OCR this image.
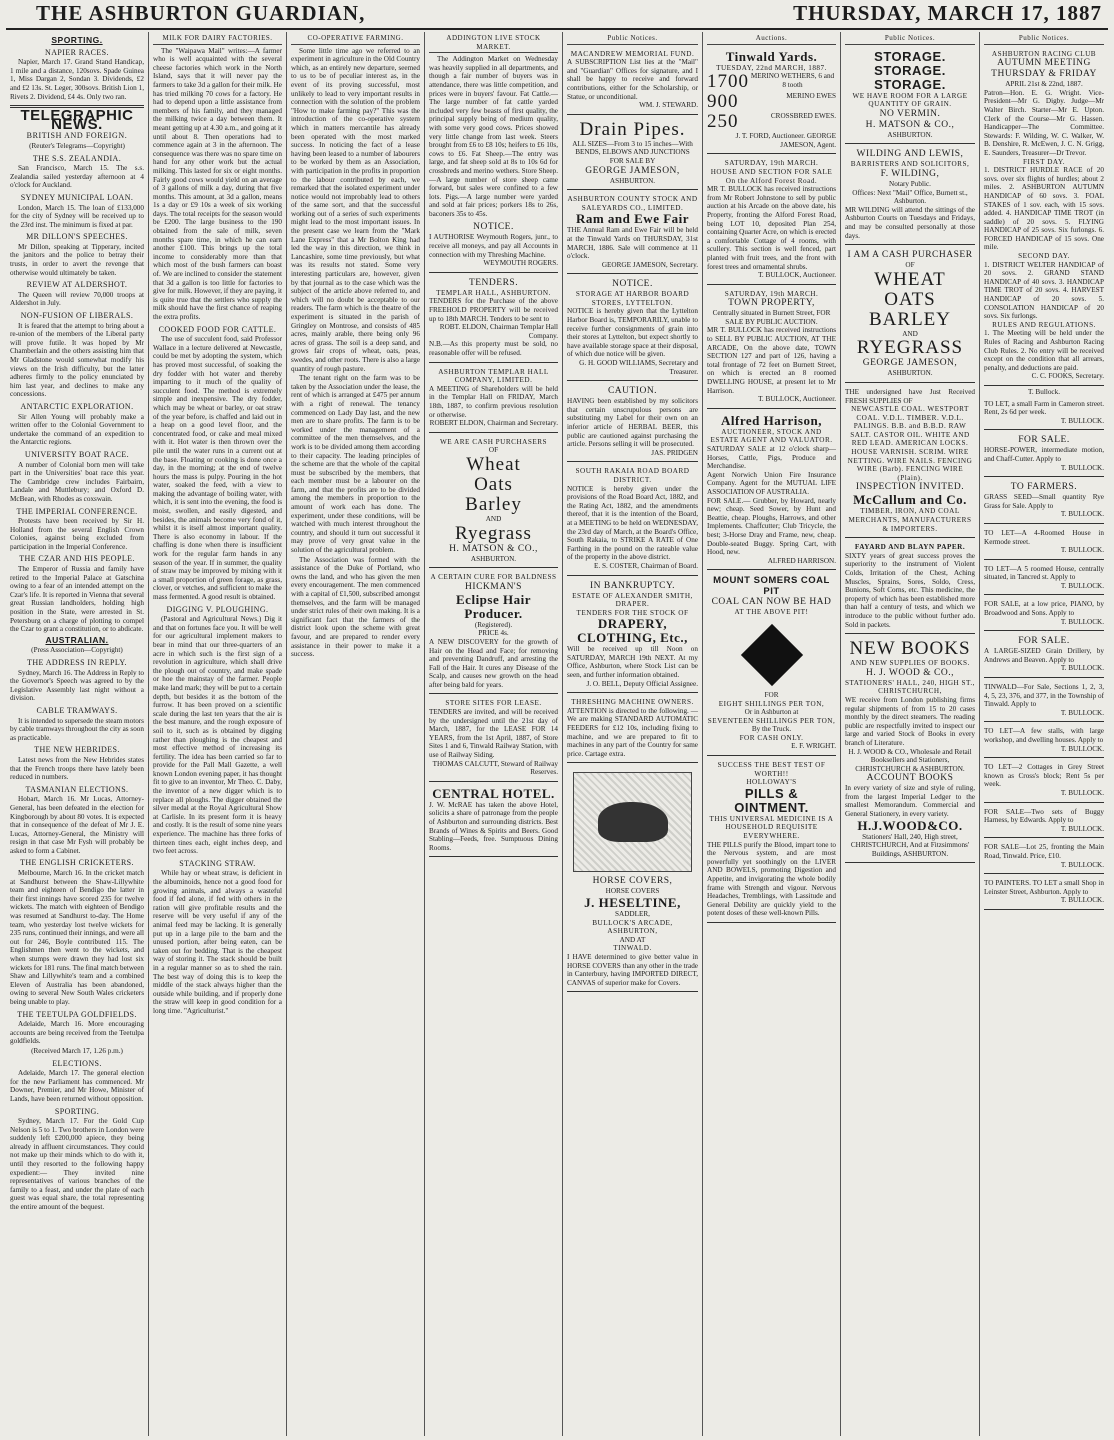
THE ASHBURTON GUARDIAN,	THURSDAY, MARCH 17, 1887
SPORTING.
NAPIER RACES.

Napier, March 17. Grand Stand Handicap, 1 mile and a distance, 120sovs. Spade Guinea 1, Miss Dargan 2, Sondan 3. Dividends, £2 and £2 13s. St. Leger, 300sovs. British Lion 1, Rivets 2. Dividend, £4 4s. Only two ran.

TELEGRAPHIC NEWS.
BRITISH AND FOREIGN.
(Reuter's Telegrams—Copyright)
THE S.S. ZEALANDIA.

San Francisco, March 15. The s.s. Zealandia sailed yesterday afternoon at 4 o'clock for Auckland.

SYDNEY MUNICIPAL LOAN.

London, March 15. The loan of £133,000 for the city of Sydney will be received up to the 23rd inst. The minimum is fixed at par.

MR DILLON'S SPEECHES.

Mr Dillon, speaking at Tipperary, incited the janitors and the police to betray their trusts, in order to avert the revenge that otherwise would ultimately be taken.

REVIEW AT ALDERSHOT.

The Queen will review 70,000 troops at Aldershot in July.

NON-FUSION OF LIBERALS.

It is feared that the attempt to bring about a re-union of the members of the Liberal party will prove futile. It was hoped by Mr Chamberlain and the others assisting him that Mr Gladstone would somewhat modify his views on the Irish difficulty, but the latter adheres firmly to the policy enunciated by him last year, and declines to make any concessions.

ANTARCTIC EXPLORATION.

Sir Allen Young will probably make a written offer to the Colonial Government to undertake the command of an expedition to the Antarctic regions.

UNIVERSITY BOAT RACE.

A number of Colonial born men will take part in the Universities' boat race this year. The Cambridge crew includes Fairbairn, Landale and Muttlebury; and Oxford D. McBean, with Rhodes as coxswain.

THE IMPERIAL CONFERENCE.

Protests have been received by Sir H. Holland from the several English Crown Colonies, against being excluded from participation in the Imperial Conference.

THE CZAR AND HIS PEOPLE.

The Emperor of Russia and family have retired to the Imperial Palace at Gatschina owing to a fear of an intended attempt on the Czar's life. It is reported in Vienna that several great Russian landholders, holding high position in the State, were arrested in St. Petersburg on a charge of plotting to compel the Czar to grant a constitution, or to abdicate.

AUSTRALIAN.
(Press Association—Copyright)
THE ADDRESS IN REPLY.

Sydney, March 16. The Address in Reply to the Governor's Speech was agreed to by the Legislative Assembly last night without a division.

CABLE TRAMWAYS.

It is intended to supersede the steam motors by cable tramways throughout the city as soon as practicable.

THE NEW HEBRIDES.

Latest news from the New Hebrides states that the French troops there have lately been reduced in numbers.

TASMANIAN ELECTIONS.

Hobart, March 16. Mr Lucas, Attorney-General, has been defeated in the election for Kingborough by about 80 votes. It is expected that in consequence of the defeat of Mr J. E. Lucas, Attorney-General, the Ministry will resign in that case Mr Fysh will probably be asked to form a Cabinet.

THE ENGLISH CRICKETERS.

Melbourne, March 16. In the cricket match at Sandhurst between the Shaw-Lillywhite team and eighteen of Bendigo the latter in their first innings have scored 235 for twelve wickets. The match with eighteen of Bendigo was resumed at Sandhurst to-day. The Home team, who yesterday lost twelve wickets for 235 runs, continued their innings, and were all out for 246, Boyle contributed 115. The Englishmen then went to the wickets, and when stumps were drawn they had lost six wickets for 181 runs. The final match between Shaw and Lillywhite's team and a combined Eleven of Australia has been abandoned, owing to several New South Wales cricketers being unable to play.

THE TEETULPA GOLDFIELDS.

Adelaide, March 16. More encouraging accounts are being received from the Teetulpa goldfields.

(Received March 17, 1.26 p.m.)
ELECTIONS.

Adelaide, March 17. The general election for the new Parliament has commenced. Mr Downer, Premier, and Mr Howe, Minister of Lands, have been returned without opposition.

SPORTING.

Sydney, March 17. For the Gold Cup Nelson is 5 to 1. Two brothers in London were suddenly left £200,000 apiece, they being already in affluent circumstances. They could not make up their minds which to do with it, until they resorted to the following happy expedient:— They invited nine representatives of various branches of the family to a feast, and under the plate of each guest was equal share, the total representing the entire amount of the bequest.

MILK FOR DAIRY FACTORIES.

The "Waipawa Mail" writes:—A farmer who is well acquainted with the several cheese factories which work in the North Island, says that it will never pay the farmers to take 3d a gallon for their milk. He has tried milking 70 cows for a factory. He had to depend upon a little assistance from members of his family, and they managed the milking twice a day between them. It meant getting up at 4.30 a.m., and going at it until about 8. Then operations had to commence again at 3 in the afternoon. The consequence was there was no spare time on hand for any other work but the actual milking. This lasted for six or eight months. Fairly good cows would yield on an average of 3 gallons of milk a day, during that five months. This amount, at 3d a gallon, means 1s a day or £9 10s a week of six working days. The total receipts for the season would be £200. The large business to the 190 obtained from the sale of milk, seven months spare time, in which he can earn another £100. This brings up the total income to considerably more than that which most of the bush farmers can boast of. We are inclined to consider the statement that 3d a gallon is too little for factories to give for milk. However, if they are paying, it is quite true that the settlers who supply the milk should have the first chance of reaping the extra profits.

COOKED FOOD FOR CATTLE.

The use of succulent food, said Professor Wallace in a lecture delivered at Newcastle, could be met by adopting the system, which has proved most successful, of soaking the dry fodder with hot water and thereby imparting to it much of the quality of succulent food. The method is extremely simple and inexpensive. The dry fodder, which may be wheat or barley, or oat straw of the year before, is chaffed and laid out in a heap on a good level floor, and the concentrated food, or cake and meal mixed with it. Hot water is then thrown over the pile until the water runs in a current out at the base. Floating or cooking is done once a day, in the morning; at the end of twelve hours the mass is pulpy. Pouring in the hot water, soaked the feed, with a view to making the advantage of boiling water, with which, it is sent into the evening, the food is moist, swollen, and easily digested, and besides, the animals become very fond of it, whilst it is itself almost important quality. There is also economy in labour. If the chaffing is done when there is insufficient work for the regular farm hands in any season of the year. If in summer, the quality of straw may be improved by mixing with it a small proportion of green forage, as grass, clover, or vetches, and sufficient to make the mass fermented. A good result is obtained.

DIGGING V. PLOUGHING.

(Pastoral and Agricultural News.) Dig it and that on fortunes face you. It will be well for our agricultural implement makers to bear in mind that our three-quarters of an acre in which such is the first sign of a revolution in agriculture, which shall drive the plough out of country, and make spade or hoe the mainstay of the farmer. People make land mark; they will be put to a certain depth, but besides it as the bottom of the furrow. It has been proved on a scientific scale during the last ten years that the air is the best manure, and the rough exposure of soil to it, such as is obtained by digging rather than ploughing is the cheapest and most effective method of increasing its fertility. The idea has been carried so far to provide for the Pall Mall Gazette, a well known London evening paper, it has thought fit to give to an inventor, Mr Theo. C. Daby, the inventor of a new digger which is to replace all ploughs. The digger obtained the silver medal at the Royal Agricultural Show at Carlisle. In its present form it is heavy and costly. It is the result of some nine years experience. The machine has three forks of thirteen tines each, eight inches deep, and two feet across.

STACKING STRAW.

While hay or wheat straw, is deficient in the albuminoids, hence not a good food for growing animals, and always a wasteful food if fed alone, if fed with others in the ration will give profitable results and the reserve will be very useful if any of the animal feed may be lacking. It is generally put up in a large pile to the barn and the unused portion, after being eaten, can be taken out for bedding. That is the cheapest way of storing it. The stack should be built in a regular manner so as to shed the rain. The best way of doing this is to keep the middle of the stack always higher than the outside while building, and if properly done the straw will keep in good condition for a long time. "Agriculturist."

CO-OPERATIVE FARMING.

Some little time ago we referred to an experiment in agriculture in the Old Country which, as an entirely new departure, seemed to us to be of peculiar interest as, in the event of its proving successful, most unlikely to lead to very important results in connection with the solution of the problem "How to make farming pay?" This was the introduction of the co-operative system which in matters mercantile has already been operated with the most marked success. In noticing the fact of a lease having been leased to a number of labourers to be worked by them as an Association, with participation in the profits in proportion to the labour contributed by each, we remarked that the isolated experiment under notice would not improbably lead to others of the same sort, and that the successful working out of a series of such experiments might lead to the most important issues. In the present case we learn from the "Mark Lane Express" that a Mr Bolton King had led the way in this direction, we think in Lancashire, some time previously, but what was its results not stated. Some very interesting particulars are, however, given by that journal as to the case which was the subject of the article above referred to, and which will no doubt be acceptable to our readers. The farm which is the theatre of the experiment is situated in the parish of Gringley on Montrose, and consists of 485 acres, mainly arable, there being only 96 acres of grass. The soil is a deep sand, and grows fair crops of wheat, oats, peas, swedes, and other roots. There is also a large quantity of rough pasture.

The tenant right on the farm was to be taken by the Association under the lease, the rent of which is arranged at £475 per annum with a right of renewal. The tenancy commenced on Lady Day last, and the new men are to share profits. The farm is to be worked under the management of a committee of the men themselves, and the work is to be divided among them according to their capacity. The leading principles of the scheme are that the whole of the capital must be subscribed by the members, that each member must be a labourer on the farm, and that the profits are to be divided among the members in proportion to the amount of work each has done. The experiment, under these conditions, will be watched with much interest throughout the country, and should it turn out successful it may prove of very great value in the solution of the agricultural problem.

The Association was formed with the assistance of the Duke of Portland, who owns the land, and who has given the men every encouragement. The men commenced with a capital of £1,500, subscribed amongst themselves, and the farm will be managed under strict rules of their own making. It is a significant fact that the farmers of the district look upon the scheme with great favour, and are prepared to render every assistance in their power to make it a success.

ADDINGTON LIVE STOCK MARKET.

The Addington Market on Wednesday was heavily supplied in all departments, and though a fair number of buyers was in attendance, there was little competition, and prices were in buyers' favour. Fat Cattle.—The large number of fat cattle yarded included very few beasts of first quality, the principal supply being of medium quality, with some very good cows. Prices showed very little change from last week. Steers brought from £6 to £8 10s; heifers to £6 10s, cows to £6. Fat Sheep.—The entry was large, and fat sheep sold at 8s to 10s 6d for crossbreds and merino wethers. Store Sheep.—A large number of store sheep came forward, but sales were confined to a few lots. Pigs.—A large number were yarded and sold at fair prices; porkers 18s to 26s, baconers 35s to 45s.

NOTICE.
I AUTHORISE Weymouth Rogers, junr., to receive all moneys, and pay all Accounts in connection with my Threshing Machine.
WEYMOUTH ROGERS.
TENDERS.
TEMPLAR HALL, ASHBURTON.
TENDERS for the Purchase of the above FREEHOLD PROPERTY will be received up to 18th MARCH. Tenders to be sent to
ROBT. ELDON, Chairman Templar Hall Company.
N.B.—As this property must be sold, no reasonable offer will be refused.
ASHBURTON TEMPLAR HALL COMPANY, LIMITED.
A MEETING of Shareholders will be held in the Templar Hall on FRIDAY, March 18th, 1887, to confirm previous resolution or otherwise.
ROBERT ELDON, Chairman and Secretary.
WE ARE CASH PURCHASERS
OF
Wheat
Oats
Barley
AND
Ryegrass
H. MATSON & CO.,
ASHBURTON.
A CERTAIN CURE FOR BALDNESS
HICKMAN'S
Eclipse Hair Producer.
(Registered).
PRICE 4s.
A NEW DISCOVERY for the growth of Hair on the Head and Face; for removing and preventing Dandruff, and arresting the Fall of the Hair. It cures any Disease of the Scalp, and causes new growth on the head after being bald for years.
STORE SITES FOR LEASE.
TENDERS are invited, and will be received by the undersigned until the 21st day of March, 1887, for the LEASE FOR 14 YEARS, from the 1st April, 1887, of Store Sites 1 and 6, Tinwald Railway Station, with use of Railway Siding.
THOMAS CALCUTT, Steward of Railway Reserves.
CENTRAL HOTEL.
J. W. McRAE has taken the above Hotel, solicits a share of patronage from the people of Ashburton and surrounding districts. Best Brands of Wines & Spirits and Beers. Good Stabling—Feeds, free. Sumptuous Dining Rooms.
Public Notices.
MACANDREW MEMORIAL FUND.
A SUBSCRIPTION List lies at the "Mail" and "Guardian" Offices for signature, and I shall be happy to receive and forward contributions, either for the Scholarship, or Statue, or unconditional.
WM. J. STEWARD.
Drain Pipes.
ALL SIZES—From 3 to 15 inches—With BENDS, ELBOWS AND JUNCTIONS
FOR SALE BY
GEORGE JAMESON,
ASHBURTON.
ASHBURTON COUNTY STOCK AND SALEYARDS CO., LIMITED.
Ram and Ewe Fair
THE Annual Ram and Ewe Fair will be held at the Tinwald Yards on THURSDAY, 31st MARCH, 1886. Sale will commence at 11 o'clock.
GEORGE JAMESON, Secretary.
NOTICE.
STORAGE AT HARBOR BOARD STORES, LYTTELTON.
NOTICE is hereby given that the Lyttelton Harbor Board is, TEMPORARILY, unable to receive further consignments of grain into their stores at Lyttelton, but expect shortly to have available storage space at their disposal, of which due notice will be given.
G. H. GOOD WILLIAMS, Secretary and Treasurer.
CAUTION.
HAVING been established by my solicitors that certain unscrupulous persons are substituting my Label for their own on an inferior article of HERBAL BEER, this public are cautioned against purchasing the article. Persons selling it will be prosecuted.
JAS. PRIDGEN
SOUTH RAKAIA ROAD BOARD DISTRICT.
NOTICE is hereby given under the provisions of the Road Board Act, 1882, and the Rating Act, 1882, and the amendments thereof, that it is the intention of the Board, at a MEETING to be held on WEDNESDAY, the 23rd day of March, at the Board's Office, South Rakaia, to STRIKE A RATE of One Farthing in the pound on the rateable value of the property in the above district.
E. S. COSTER, Chairman of Board.
IN BANKRUPTCY.
ESTATE OF ALEXANDER SMITH, DRAPER.
TENDERS FOR THE STOCK OF
DRAPERY, CLOTHING, Etc.,
Will be received up till Noon on SATURDAY, MARCH 19th NEXT. At my Office, Ashburton, where Stock List can be seen, and further information obtained.
J. O. BELL, Deputy Official Assignee.
THRESHING MACHINE OWNERS.
ATTENTION is directed to the following. — We are making STANDARD AUTOMATIC FEEDERS for £12 10s, including fixing to machine, and we are prepared to fit to machines in any part of the Country for same price. Cartage extra.
HORSE COVERS,
HORSE COVERS
J. HESELTINE,
SADDLER,
BULLOCK'S ARCADE, ASHBURTON,
AND AT
TINWALD.
I HAVE determined to give better value in HORSE COVERS than any other in the trade in Canterbury, having IMPORTED DIRECT, CANVAS of superior make for Covers.
Auctions.
Tinwald Yards.
TUESDAY, 22nd MARCH, 1887.
1700 MERINO WETHERS, 6 and 8 tooth
900	MERINO EWES
250	CROSSBRED EWES.
J. T. FORD, Auctioneer. GEORGE JAMESON, Agent.
SATURDAY, 19th MARCH.
HOUSE AND SECTION FOR SALE On the Alford Forest Road.
MR T. BULLOCK has received instructions from Mr Robert Johnstone to sell by public auction at his Arcade on the above date, his Property, fronting the Alford Forest Road, being LOT 10, deposited Plan 254, containing Quarter Acre, on which is erected a comfortable Cottage of 4 rooms, with scullery. This section is well fenced, part planted with fruit trees, and the front with forest trees and ornamental shrubs.
T. BULLOCK, Auctioneer.
SATURDAY, 19th MARCH.
TOWN PROPERTY,
Centrally situated in Burnett Street, FOR SALE BY PUBLIC AUCTION.
MR T. BULLOCK has received instructions to SELL BY PUBLIC AUCTION, AT THE ARCADE, On the above date, TOWN SECTION 127 and part of 126, having a total frontage of 72 feet on Burnett Street, on which is erected an 8 roomed DWELLING HOUSE, at present let to Mr Harrison.
T. BULLOCK, Auctioneer.
Alfred Harrison,
AUCTIONEER, STOCK AND ESTATE AGENT AND VALUATOR.
SATURDAY SALE at 12 o'clock sharp—Horses, Cattle, Pigs, Produce and Merchandise.
Agent Norwich Union Fire Insurance Company. Agent for the MUTUAL LIFE ASSOCIATION OF AUSTRALIA.
FOR SALE.— Grubber, by Howard, nearly new; cheap. Seed Sower, by Hunt and Beattie, cheap. Ploughs, Harrows, and other Implements. Chaffcutter; Club Tricycle, the best; 3-Horse Dray and Frame, new, cheap. Double-seated Buggy. Spring Cart, with Hood, new.
ALFRED HARRISON.
MOUNT SOMERS COAL PIT
COAL CAN NOW BE HAD
AT THE ABOVE PIT!
FOR
EIGHT SHILLINGS PER TON,
Or in Ashburton at
SEVENTEEN SHILLINGS PER TON,
By the Truck.
FOR CASH ONLY.
E. F. WRIGHT.
SUCCESS THE BEST TEST OF WORTH!!
HOLLOWAY'S
PILLS & OINTMENT.
THIS UNIVERSAL MEDICINE IS A HOUSEHOLD REQUISITE EVERYWHERE.
THE PILLS purify the Blood, impart tone to the Nervous system, and are most powerfully yet soothingly on the LIVER AND BOWELS, promoting Digestion and Appetite, and invigorating the whole bodily frame with Strength and vigour. Nervous Headaches, Tremblings, with Lassitude and General Debility are quickly yield to the potent doses of these well-known Pills.
Public Notices.
STORAGE. STORAGE.
STORAGE.
WE HAVE ROOM FOR A LARGE QUANTITY OF GRAIN.
NO VERMIN.
H. MATSON & CO.,
ASHBURTON.
WILDING AND LEWIS,
BARRISTERS AND SOLICITORS,
F. WILDING,
Notary Public.
Offices: Next "Mail" Office, Burnett st., Ashburton.
MR WILDING will attend the sittings of the Ashburton Courts on Tuesdays and Fridays, and may be consulted personally at those days.
I AM A CASH PURCHASER
OF
WHEAT
OATS
BARLEY
AND
RYEGRASS
GEORGE JAMESON,
ASHBURTON.
THE undersigned have Just Received FRESH SUPPLIES OF
NEWCASTLE COAL. WESTPORT COAL. V.D.L. TIMBER. V.D.L. PALINGS. B.B. and B.B.D. RAW SALT. CASTOR OIL. WHITE AND RED LEAD. AMERICAN LOCKS. HOUSE VARNISH. SCRIM. WIRE NETTING. WIRE NAILS. FENCING WIRE (Barb). FENCING WIRE (Plain).
INSPECTION INVITED.
McCallum and Co.
TIMBER, IRON, AND COAL MERCHANTS, MANUFACTURERS & IMPORTERS.
FAYARD AND BLAYN PAPER.
SIXTY years of great success proves the superiority to the instrument of Violent Colds, Irritation of the Chest, Aching Muscles, Sprains, Sores, Soldo, Cress, Bunions, Soft Corns, etc. This medicine, the property of which has been established more than half a century of tests, and which we introduce to the public without further ado. Sold in packets.
NEW BOOKS
AND NEW SUPPLIES OF BOOKS.
H. J. WOOD & CO.,
STATIONERS' HALL, 240, HIGH ST., CHRISTCHURCH,
WE receive from London publishing firms regular shipments of from 15 to 20 cases monthly by the direct steamers. The reading public are respectfully invited to inspect our large and varied Stock of Books in every branch of Literature.
H. J. WOOD & CO., Wholesale and Retail Booksellers and Stationers, CHRISTCHURCH & ASHBURTON.
ACCOUNT BOOKS
In every variety of size and style of ruling, from the largest Imperial Ledger to the smallest Memorandum. Commercial and General Stationery, in every variety.
H.J.WOOD&CO.
Stationers' Hall, 240, High street, CHRISTCHURCH, And at Fitzsimmons' Buildings, ASHBURTON.
Public Notices.
ASHBURTON RACING CLUB
AUTUMN MEETING
THURSDAY & FRIDAY
APRIL 21st & 22nd, 1887.
Patron—Hon. E. G. Wright. Vice-President—Mr G. Digby. Judge—Mr Walter Birch. Starter—Mr E. Upton. Clerk of the Course—Mr G. Hassen. Handicapper—The Committee. Stewards: F. Wilding, W. C. Walker, W. B. Denshire, R. McEwen, J. C. N. Grigg, E. Saunders, Treasurer—Dr Trevor.
FIRST DAY.
1. DISTRICT HURDLE RACE of 20 sovs. over six flights of hurdles; about 2 miles. 2. ASHBURTON AUTUMN HANDICAP of 60 sovs. 3. FOAL STAKES of 1 sov. each, with 15 sovs. added. 4. HANDICAP TIME TROT (in saddle) of 20 sovs. 5. FLYING HANDICAP of 25 sovs. Six furlongs. 6. FORCED HANDICAP of 15 sovs. One mile.
SECOND DAY.
1. DISTRICT WELTER HANDICAP of 20 sovs. 2. GRAND STAND HANDICAP of 40 sovs. 3. HANDICAP TIME TROT of 20 sovs. 4. HARVEST HANDICAP of 20 sovs. 5. CONSOLATION HANDICAP of 20 sovs. Six furlongs.
RULES AND REGULATIONS.
1. The Meeting will be held under the Rules of Racing and Ashburton Racing Club Rules. 2. No entry will be received except on the condition that all arrears, penalty, and deductions are paid.
C. C. FOOKS, Secretary.
T. Bullock.
TO LET, a small Farm in Cameron street. Rent, 2s 6d per week.
T. BULLOCK.
FOR SALE.
HORSE-POWER, intermediate motion, and Chaff-Cutter. Apply to
T. BULLOCK.
TO FARMERS.
GRASS SEED—Small quantity Rye Grass for Sale. Apply to
T. BULLOCK.
TO LET—A 4-Roomed House in Kermode street.
T. BULLOCK.
TO LET—A 5 roomed House, centrally situated, in Tancred st. Apply to
T. BULLOCK.
FOR SALE, at a low price, PIANO, by Broadwood and Sons. Apply to
T. BULLOCK.
FOR SALE.
A LARGE-SIZED Grain Drillery, by Andrews and Beaven. Apply to
T. BULLOCK.
TINWALD—For Sale, Sections 1, 2, 3, 4, 5, 23, 376, and 377, in the Township of Tinwald. Apply to
T. BULLOCK.
TO LET—A few stalls, with large workshop, and dwelling houses. Apply to
T. BULLOCK.
TO LET—2 Cottages in Grey Street known as Cross's block; Rent 5s per week.
T. BULLOCK.
FOR SALE—Two sets of Buggy Harness, by Edwards. Apply to
T. BULLOCK.
FOR SALE—Lot 25, fronting the Main Road, Tinwald. Price, £10.
T. BULLOCK.
TO PAINTERS. TO LET a small Shop in Leinster Street, Ashburton. Apply to
T. BULLOCK.
